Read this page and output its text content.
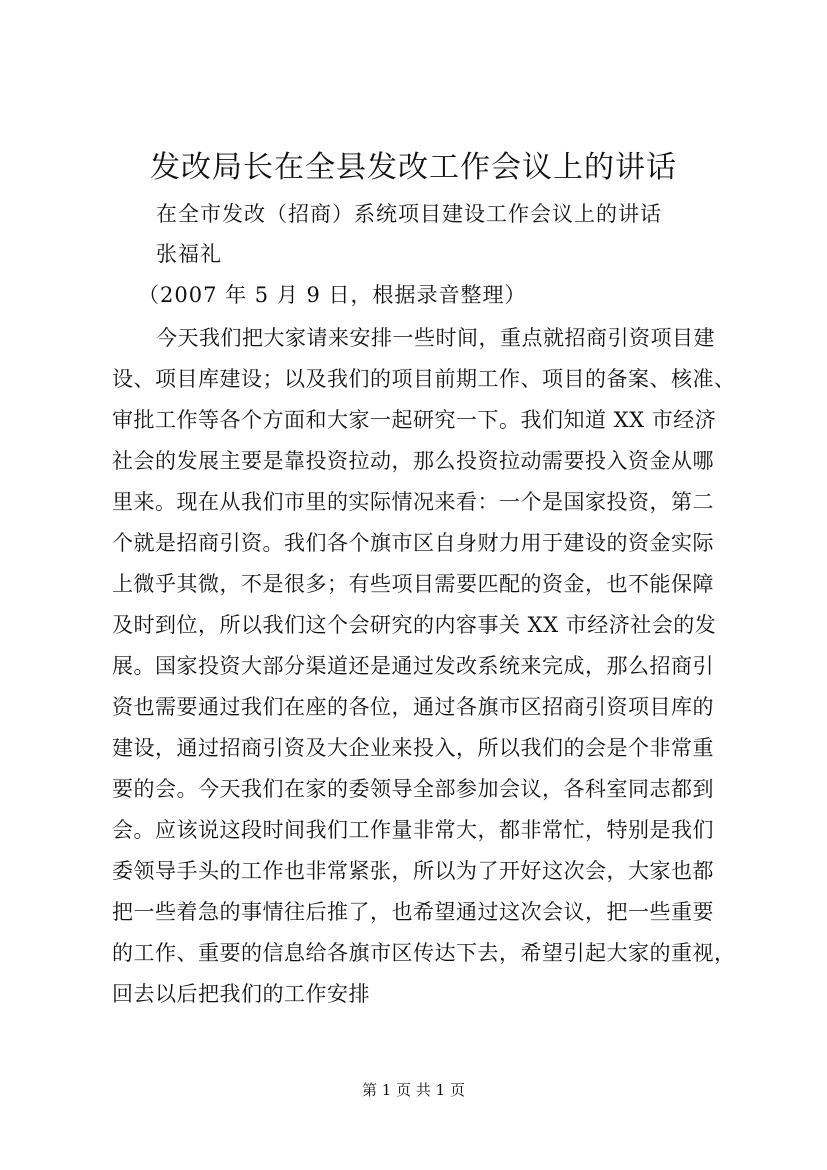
发改局长在全县发改工作会议上的讲话
在全市发改（招商）系统项目建设工作会议上的讲话
张福礼
（2007 年 5 月 9 日，根据录音整理）
今天我们把大家请来安排一些时间，重点就招商引资项目建
设、项目库建设；以及我们的项目前期工作、项目的备案、核准、
审批工作等各个方面和大家一起研究一下。我们知道 XX 市经济
社会的发展主要是靠投资拉动，那么投资拉动需要投入资金从哪
里来。现在从我们市里的实际情况来看：一个是国家投资，第二
个就是招商引资。我们各个旗市区自身财力用于建设的资金实际
上微乎其微，不是很多；有些项目需要匹配的资金，也不能保障
及时到位，所以我们这个会研究的内容事关 XX 市经济社会的发
展。国家投资大部分渠道还是通过发改系统来完成，那么招商引
资也需要通过我们在座的各位，通过各旗市区招商引资项目库的
建设，通过招商引资及大企业来投入，所以我们的会是个非常重
要的会。今天我们在家的委领导全部参加会议，各科室同志都到
会。应该说这段时间我们工作量非常大，都非常忙，特别是我们
委领导手头的工作也非常紧张，所以为了开好这次会，大家也都
把一些着急的事情往后推了，也希望通过这次会议，把一些重要
的工作、重要的信息给各旗市区传达下去，希望引起大家的重视，
回去以后把我们的工作安排
第 1 页 共 1 页
